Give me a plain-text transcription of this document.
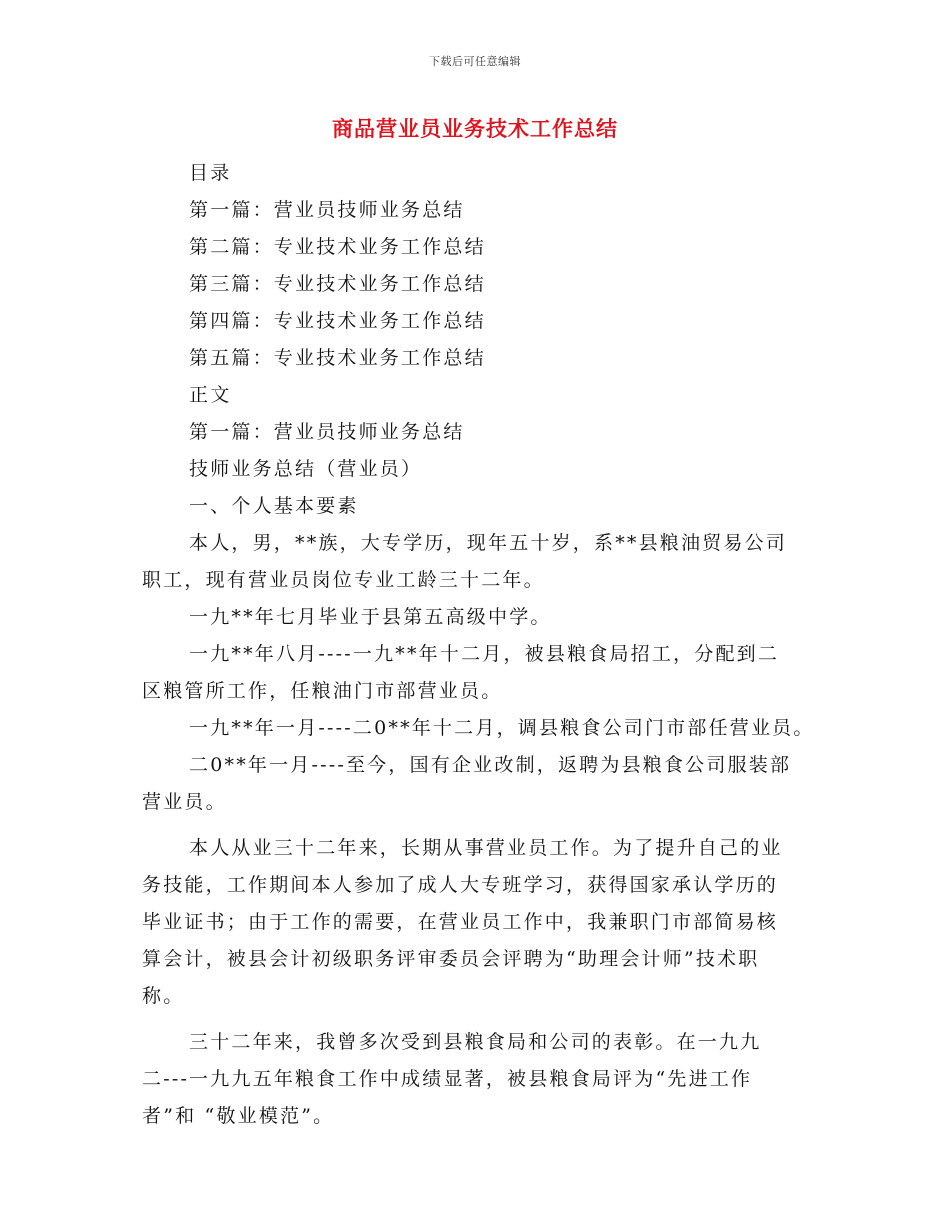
下载后可任意编辑
商品营业员业务技术工作总结
目录
第一篇：营业员技师业务总结
第二篇：专业技术业务工作总结
第三篇：专业技术业务工作总结
第四篇：专业技术业务工作总结
第五篇：专业技术业务工作总结
正文
第一篇：营业员技师业务总结
技师业务总结（营业员）
一、个人基本要素
本人，男，**族，大专学历，现年五十岁，系**县粮油贸易公司
职工，现有营业员岗位专业工龄三十二年。
一九**年七月毕业于县第五高级中学。
一九**年八月----一九**年十二月，被县粮食局招工，分配到二
区粮管所工作，任粮油门市部营业员。
一九**年一月----二0**年十二月，调县粮食公司门市部任营业员。
二0**年一月----至今，国有企业改制，返聘为县粮食公司服装部
营业员。
本人从业三十二年来，长期从事营业员工作。为了提升自己的业
务技能，工作期间本人参加了成人大专班学习，获得国家承认学历的
毕业证书；由于工作的需要，在营业员工作中，我兼职门市部简易核
算会计，被县会计初级职务评审委员会评聘为“助理会计师”技术职
称。
三十二年来，我曾多次受到县粮食局和公司的表彰。在一九九
二---一九九五年粮食工作中成绩显著，被县粮食局评为“先进工作
者”和 “敬业模范”。
